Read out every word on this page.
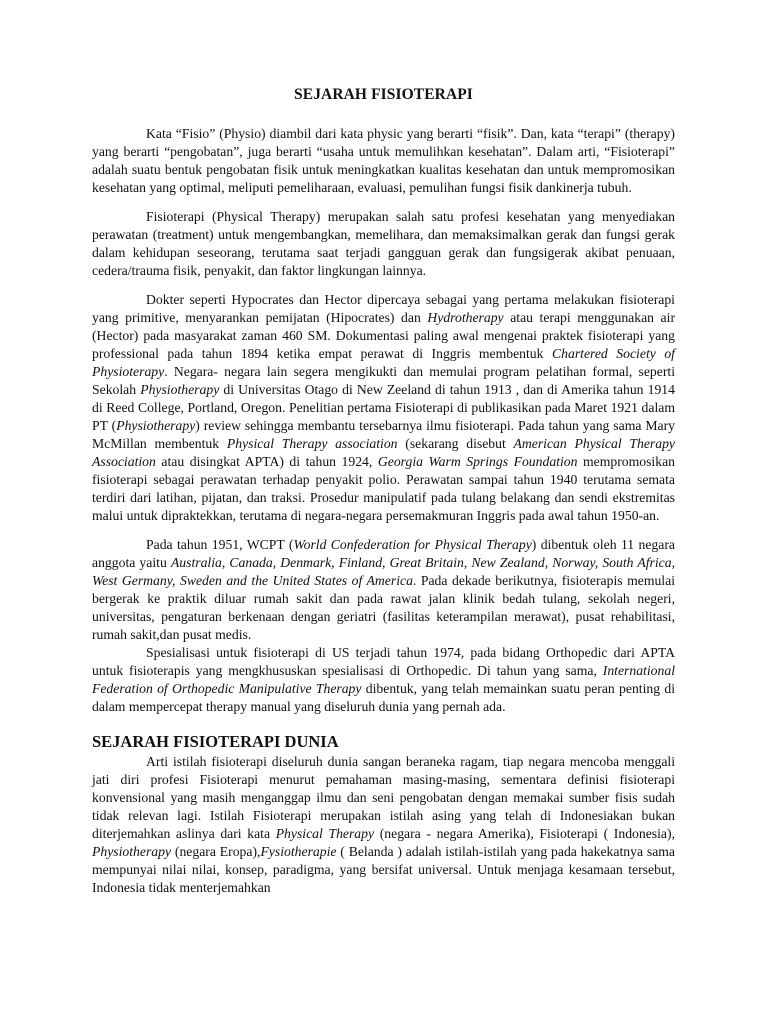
SEJARAH FISIOTERAPI

Kata “Fisio” (Physio) diambil dari kata physic yang berarti “fisik”. Dan, kata “terapi” (therapy) yang berarti “pengobatan”, juga berarti “usaha untuk memulihkan kesehatan”. Dalam arti, “Fisioterapi” adalah suatu bentuk pengobatan fisik untuk meningkatkan kualitas kesehatan dan untuk mempromosikan kesehatan yang optimal, meliputi pemeliharaan, evaluasi, pemulihan fungsi fisik dankinerja tubuh.

Fisioterapi (Physical Therapy) merupakan salah satu profesi kesehatan yang menyediakan perawatan (treatment) untuk mengembangkan, memelihara, dan memaksimalkan gerak dan fungsi gerak dalam kehidupan seseorang, terutama saat terjadi gangguan gerak dan fungsigerak akibat penuaan, cedera/trauma fisik, penyakit, dan faktor lingkungan lainnya.

Dokter seperti Hypocrates dan Hector dipercaya sebagai yang pertama melakukan fisioterapi yang primitive, menyarankan pemijatan (Hipocrates) dan Hydrotherapy atau terapi menggunakan air (Hector) pada masyarakat zaman 460 SM. Dokumentasi paling awal mengenai praktek fisioterapi yang professional pada tahun 1894 ketika empat perawat di Inggris membentuk Chartered Society of Physioterapy. Negara- negara lain segera mengikukti dan memulai program pelatihan formal, seperti Sekolah Physiotherapy di Universitas Otago di New Zeeland di tahun 1913 , dan di Amerika tahun 1914 di Reed College, Portland, Oregon. Penelitian pertama Fisioterapi di publikasikan pada Maret 1921 dalam PT (Physiotherapy) review sehingga membantu tersebarnya ilmu fisioterapi. Pada tahun yang sama Mary McMillan membentuk Physical Therapy association (sekarang disebut American Physical Therapy Association atau disingkat APTA) di tahun 1924, Georgia Warm Springs Foundation mempromosikan fisioterapi sebagai perawatan terhadap penyakit polio. Perawatan sampai tahun 1940 terutama semata terdiri dari latihan, pijatan, dan traksi. Prosedur manipulatif pada tulang belakang dan sendi ekstremitas malui untuk dipraktekkan, terutama di negara-negara persemakmuran Inggris pada awal tahun 1950-an.

Pada tahun 1951, WCPT (World Confederation for Physical Therapy) dibentuk oleh 11 negara anggota yaitu Australia, Canada, Denmark, Finland, Great Britain, New Zealand, Norway, South Africa, West Germany, Sweden and the United States of America. Pada dekade berikutnya, fisioterapis memulai bergerak ke praktik diluar rumah sakit dan pada rawat jalan klinik bedah tulang, sekolah negeri, universitas, pengaturan berkenaan dengan geriatri (fasilitas keterampilan merawat), pusat rehabilitasi, rumah sakit,dan pusat medis.

Spesialisasi untuk fisioterapi di US terjadi tahun 1974, pada bidang Orthopedic dari APTA untuk fisioterapis yang mengkhususkan spesialisasi di Orthopedic. Di tahun yang sama, International Federation of Orthopedic Manipulative Therapy dibentuk, yang telah memainkan suatu peran penting di dalam mempercepat therapy manual yang diseluruh dunia yang pernah ada.

SEJARAH FISIOTERAPI DUNIA

Arti istilah fisioterapi diseluruh dunia sangan beraneka ragam, tiap negara mencoba menggali jati diri profesi Fisioterapi menurut pemahaman masing-masing, sementara definisi fisioterapi konvensional yang masih menganggap ilmu dan seni pengobatan dengan memakai sumber fisis sudah tidak relevan lagi. Istilah Fisioterapi merupakan istilah asing yang telah di Indonesiakan bukan diterjemahkan aslinya dari kata Physical Therapy (negara - negara Amerika), Fisioterapi ( Indonesia), Physiotherapy (negara Eropa),Fysiotherapie ( Belanda ) adalah istilah-istilah yang pada hakekatnya sama mempunyai nilai nilai, konsep, paradigma, yang bersifat universal. Untuk menjaga kesamaan tersebut, Indonesia tidak menterjemahkan
